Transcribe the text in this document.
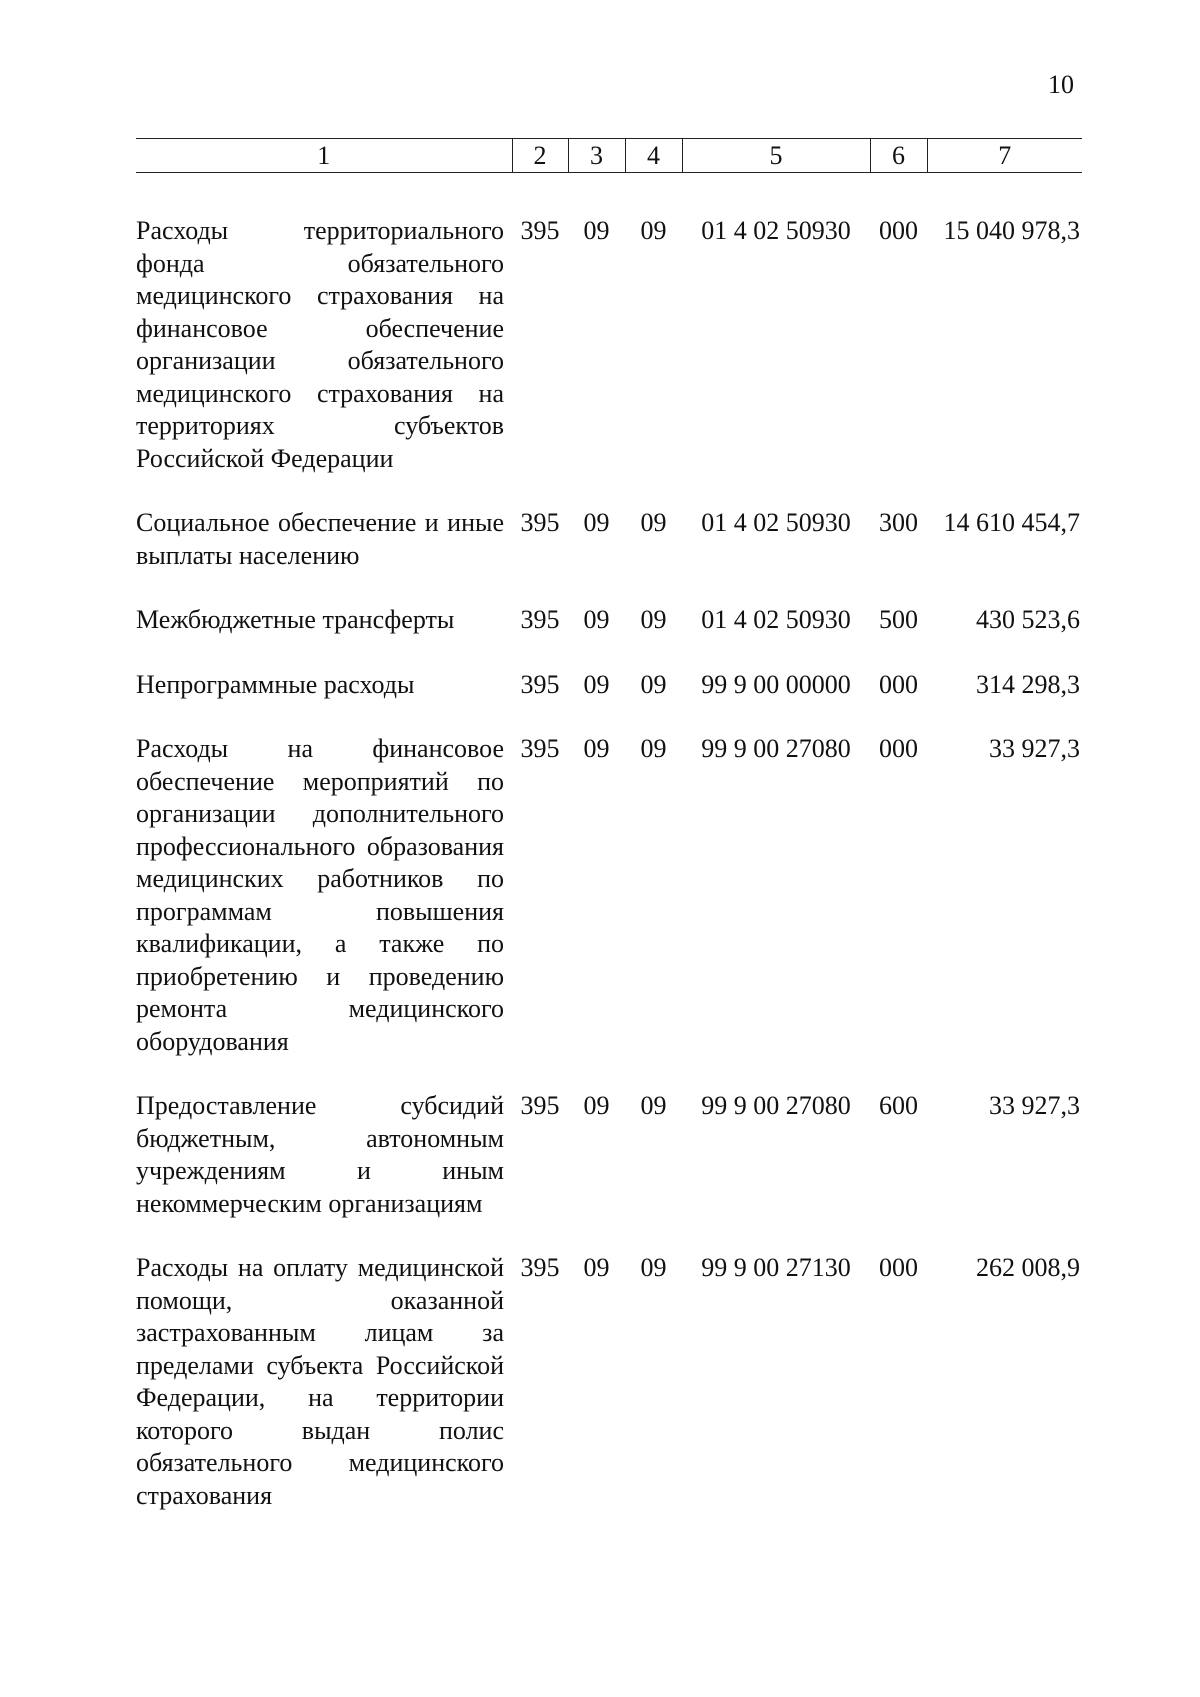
10
1	2	3	4	5	6	7

Расходы территориального фонда обязательного медицинского страхования на финансовое обеспечение организации обязательного медицинского страхования на территориях субъектов Российской Федерации	395	09	09	01 4 02 50930	000	15 040 978,3

Социальное обеспечение и иные выплаты населению	395	09	09	01 4 02 50930	300	14 610 454,7

Межбюджетные трансферты	395	09	09	01 4 02 50930	500	430 523,6

Непрограммные расходы	395	09	09	99 9 00 00000	000	314 298,3

Расходы на финансовое обеспечение мероприятий по организации дополнительного профессионального образования медицинских работников по программам повышения квалификации, а также по приобретению и проведению ремонта медицинского оборудования	395	09	09	99 9 00 27080	000	33 927,3

Предоставление субсидий бюджетным, автономным учреждениям и иным некоммерческим организациям	395	09	09	99 9 00 27080	600	33 927,3

Расходы на оплату медицинской помощи, оказанной застрахованным лицам за пределами субъекта Российской Федерации, на территории которого выдан полис обязательного медицинского страхования	395	09	09	99 9 00 27130	000	262 008,9
